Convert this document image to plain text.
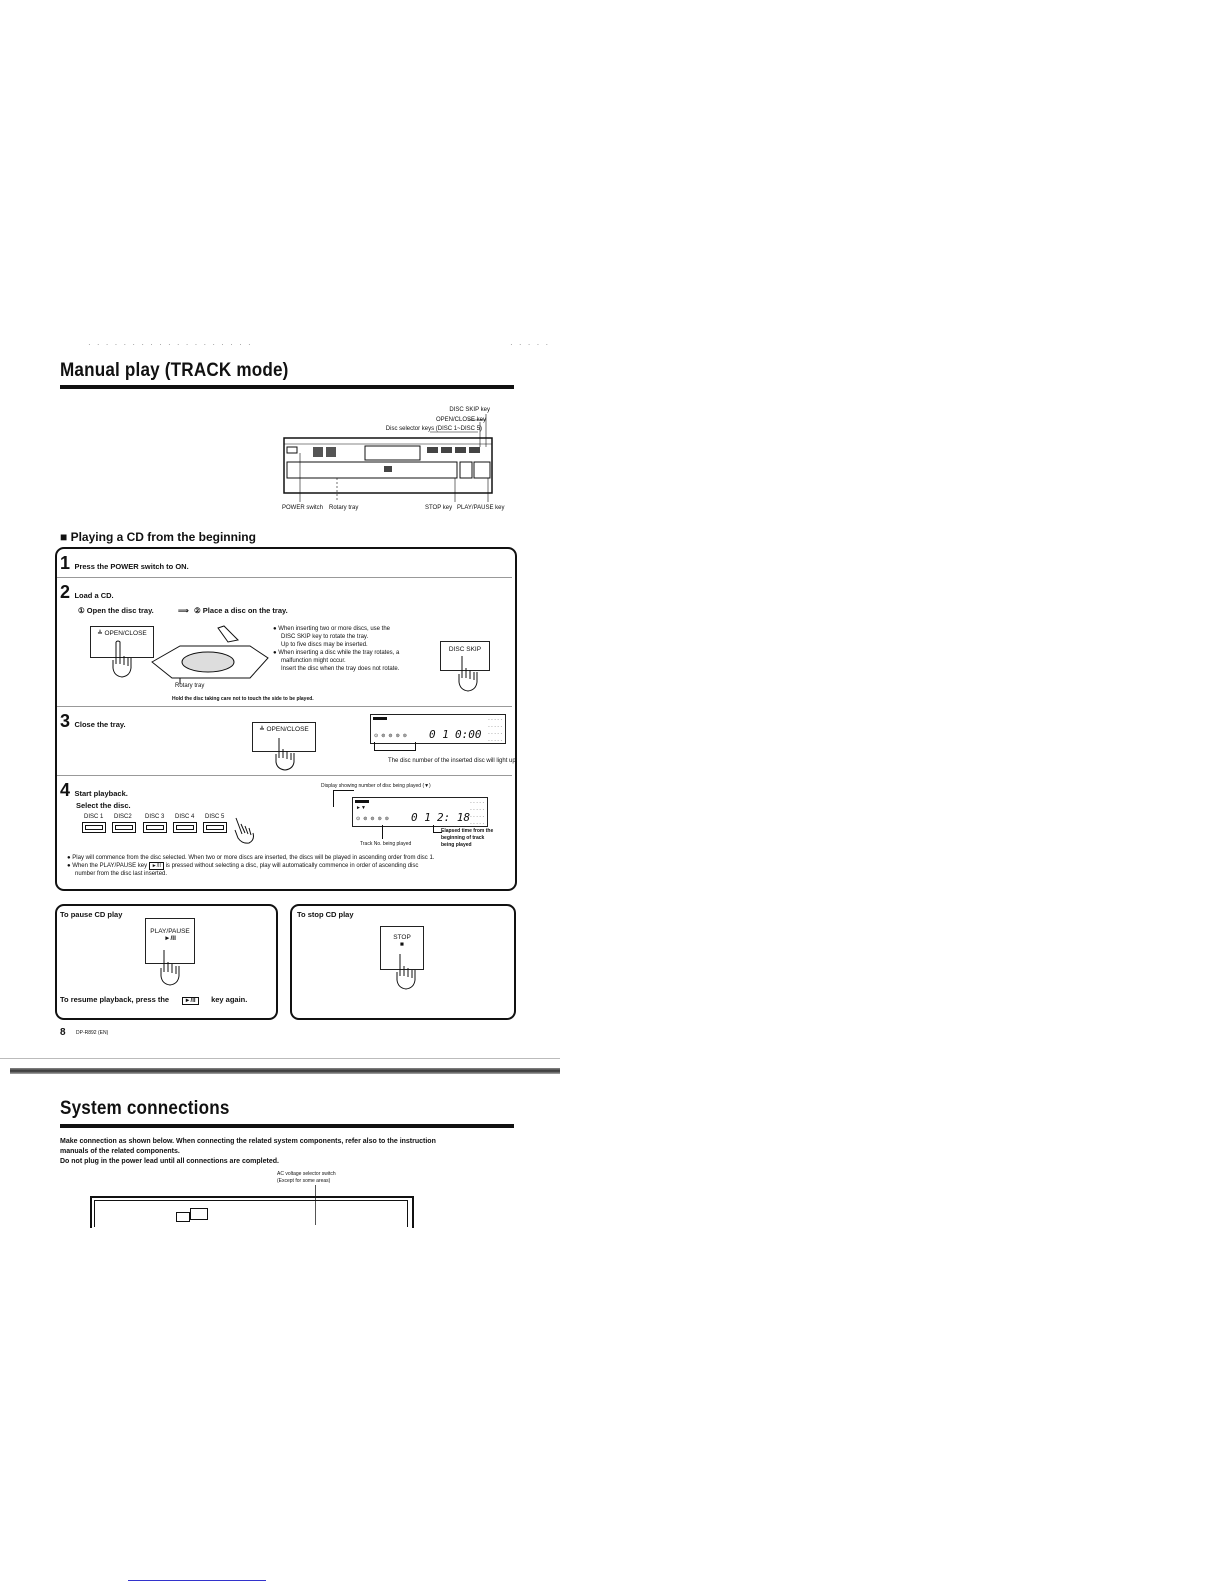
· · · · · · · · · · · · · · · · · · ·	· · · · ·
Manual play (TRACK mode)
DISC SKIP key
OPEN/CLOSE key
Disc selector keys (DISC 1~DISC 5)
POWER switch Rotary tray	STOP key PLAY/PAUSE key
■ Playing a CD from the beginning
1 Press the POWER switch to ON.
2 Load a CD.
① Open the disc tray.	⟹ ② Place a disc on the tray.
≜ OPEN/CLOSE
Rotary tray
● When inserting two or more discs, use the
DISC SKIP key to rotate the tray.
Up to five discs may be inserted.
● When inserting a disc while the tray rotates, a
malfunction might occur.
Insert the disc when the tray does not rotate.
DISC SKIP
Hold the disc taking care not to touch the side to be played.
3 Close the tray.
≜ OPEN/CLOSE
⊙⊚⊚⊚⊚ 0 1 0:00
· · · · ·
· · · · ·
· · · · ·
· · · · ·
The disc number of the inserted disc will light up.
4 Start playback.
Select the disc.
DISC 1 DISC2 DISC 3 DISC 4 DISC 5
Display showing number of disc being played (▼)
►▼
⊙⊚⊚⊚⊚ 0 1 2: 18
· · · · ·
· · · · ·
· · · · ·
· · · · ·
Track No. being played
Elapsed time from the
beginning of track
being played
● Play will commence from the disc selected. When two or more discs are inserted, the discs will be played in ascending order from disc 1.
● When the PLAY/PAUSE key ►/II is pressed without selecting a disc, play will automatically commence in order of ascending disc
number from the disc last inserted.
To pause CD play
PLAY/PAUSE
►/II
To resume playback, press the	►/II key again.
To stop CD play
STOP
■
8 DP-R892 (EN)
System connections
Make connection as shown below. When connecting the related system components, refer also to the instruction
manuals of the related components.
Do not plug in the power lead until all connections are completed.
AC voltage selector switch
(Except for some areas)
